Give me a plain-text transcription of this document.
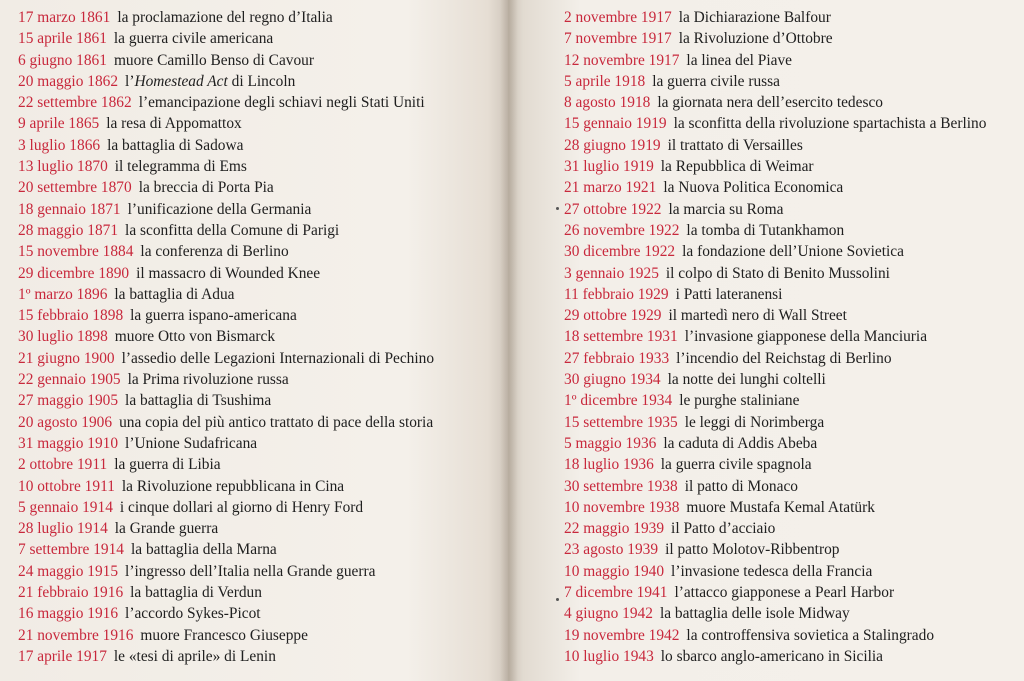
17 marzo 1861 la proclamazione del regno d’Italia
15 aprile 1861 la guerra civile americana
6 giugno 1861 muore Camillo Benso di Cavour
20 maggio 1862 l’Homestead Act di Lincoln
22 settembre 1862 l’emancipazione degli schiavi negli Stati Uniti
9 aprile 1865 la resa di Appomattox
3 luglio 1866 la battaglia di Sadowa
13 luglio 1870 il telegramma di Ems
20 settembre 1870 la breccia di Porta Pia
18 gennaio 1871 l’unificazione della Germania
28 maggio 1871 la sconfitta della Comune di Parigi
15 novembre 1884 la conferenza di Berlino
29 dicembre 1890 il massacro di Wounded Knee
1º marzo 1896 la battaglia di Adua
15 febbraio 1898 la guerra ispano-americana
30 luglio 1898 muore Otto von Bismarck
21 giugno 1900 l’assedio delle Legazioni Internazionali di Pechino
22 gennaio 1905 la Prima rivoluzione russa
27 maggio 1905 la battaglia di Tsushima
20 agosto 1906 una copia del più antico trattato di pace della storia
31 maggio 1910 l’Unione Sudafricana
2 ottobre 1911 la guerra di Libia
10 ottobre 1911 la Rivoluzione repubblicana in Cina
5 gennaio 1914 i cinque dollari al giorno di Henry Ford
28 luglio 1914 la Grande guerra
7 settembre 1914 la battaglia della Marna
24 maggio 1915 l’ingresso dell’Italia nella Grande guerra
21 febbraio 1916 la battaglia di Verdun
16 maggio 1916 l’accordo Sykes-Picot
21 novembre 1916 muore Francesco Giuseppe
17 aprile 1917 le «tesi di aprile» di Lenin
2 novembre 1917 la Dichiarazione Balfour
7 novembre 1917 la Rivoluzione d’Ottobre
12 novembre 1917 la linea del Piave
5 aprile 1918 la guerra civile russa
8 agosto 1918 la giornata nera dell’esercito tedesco
15 gennaio 1919 la sconfitta della rivoluzione spartachista a Berlino
28 giugno 1919 il trattato di Versailles
31 luglio 1919 la Repubblica di Weimar
21 marzo 1921 la Nuova Politica Economica
27 ottobre 1922 la marcia su Roma
26 novembre 1922 la tomba di Tutankhamon
30 dicembre 1922 la fondazione dell’Unione Sovietica
3 gennaio 1925 il colpo di Stato di Benito Mussolini
11 febbraio 1929 i Patti lateranensi
29 ottobre 1929 il martedì nero di Wall Street
18 settembre 1931 l’invasione giapponese della Manciuria
27 febbraio 1933 l’incendio del Reichstag di Berlino
30 giugno 1934 la notte dei lunghi coltelli
1º dicembre 1934 le purghe staliniane
15 settembre 1935 le leggi di Norimberga
5 maggio 1936 la caduta di Addis Abeba
18 luglio 1936 la guerra civile spagnola
30 settembre 1938 il patto di Monaco
10 novembre 1938 muore Mustafa Kemal Atatürk
22 maggio 1939 il Patto d’acciaio
23 agosto 1939 il patto Molotov-Ribbentrop
10 maggio 1940 l’invasione tedesca della Francia
7 dicembre 1941 l’attacco giapponese a Pearl Harbor
4 giugno 1942 la battaglia delle isole Midway
19 novembre 1942 la controffensiva sovietica a Stalingrado
10 luglio 1943 lo sbarco anglo-americano in Sicilia
